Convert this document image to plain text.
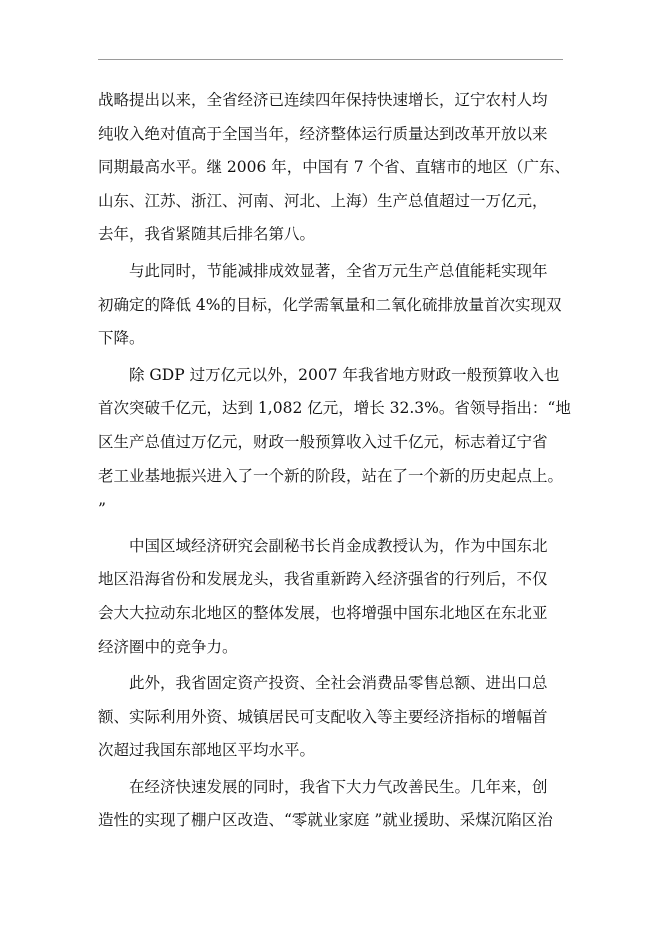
战略提出以来，全省经济已连续四年保持快速增长，辽宁农村人均
纯收入绝对值高于全国当年，经济整体运行质量达到改革开放以来
同期最高水平。继 2006 年，中国有 7 个省、直辖市的地区（广东、
山东、江苏、浙江、河南、河北、上海）生产总值超过一万亿元，
去年，我省紧随其后排名第八。

与此同时，节能减排成效显著，全省万元生产总值能耗实现年
初确定的降低 4%的目标，化学需氧量和二氧化硫排放量首次实现双
下降。

除 GDP 过万亿元以外，2007 年我省地方财政一般预算收入也
首次突破千亿元，达到 1,082 亿元，增长 32.3%。省领导指出：“地
区生产总值过万亿元，财政一般预算收入过千亿元，标志着辽宁省
老工业基地振兴进入了一个新的阶段，站在了一个新的历史起点上。
”

中国区域经济研究会副秘书长肖金成教授认为，作为中国东北
地区沿海省份和发展龙头，我省重新跨入经济强省的行列后，不仅
会大大拉动东北地区的整体发展，也将增强中国东北地区在东北亚
经济圈中的竞争力。

此外，我省固定资产投资、全社会消费品零售总额、进出口总
额、实际利用外资、城镇居民可支配收入等主要经济指标的增幅首
次超过我国东部地区平均水平。

在经济快速发展的同时，我省下大力气改善民生。几年来，创
造性的实现了棚户区改造、“零就业家庭 ”就业援助、采煤沉陷区治
